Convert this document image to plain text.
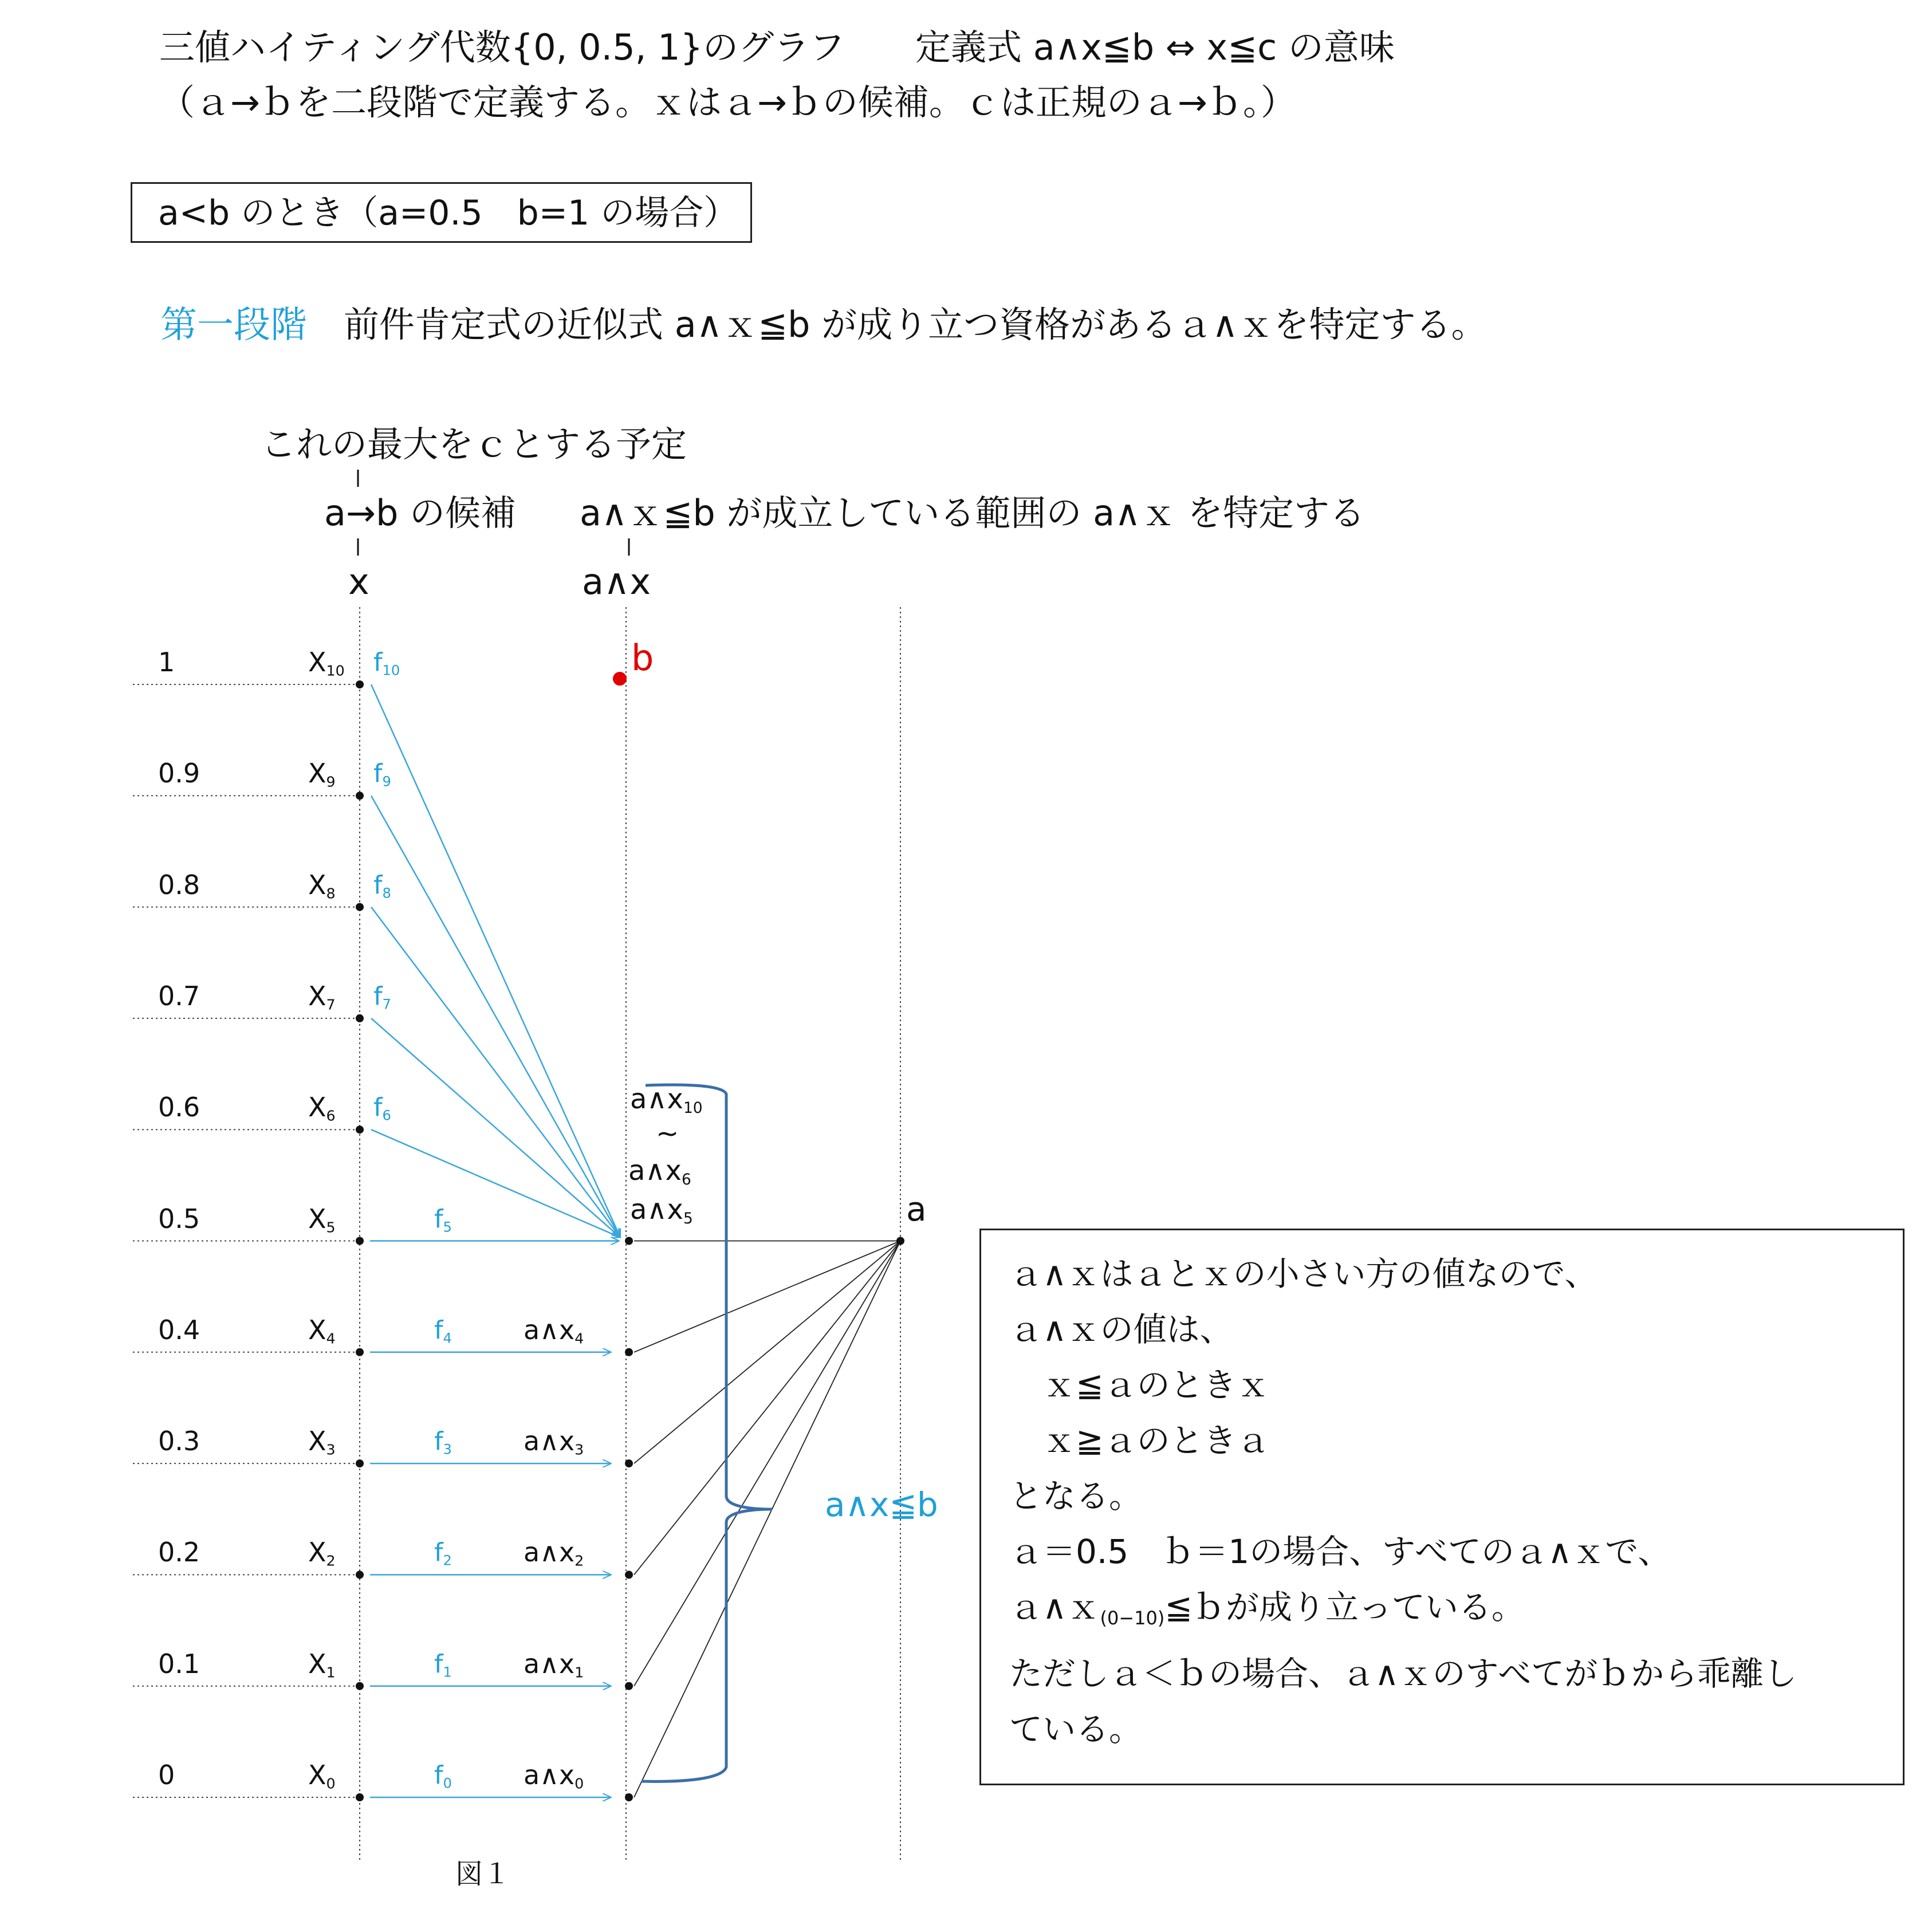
三値ハイティング代数{0, 0.5, 1}のグラフ 定義式 a∧x≦b ⇔ x≦c の意味
（ａ→ｂを二段階で定義する。ｘはａ→ｂの候補。ｃは正規のａ→ｂ。）
a<b のとき（a=0.5　b=1 の場合）
第一段階 前件肯定式の近似式 a∧ｘ≦b が成り立つ資格があるａ∧ｘを特定する。
これの最大をｃとする予定
a→b の候補 a∧ｘ≦b が成立している範囲の a∧ｘ を特定する
x	a∧x
b
a
$a\wedge x_{10}$
~
$a\wedge x_6$
$a\wedge x_5$
a∧x≦b
図１
1	$X_{10}$ $f_{10}$
0.9	$X_9$ $f_9$
0.8	$X_8$ $f_8$
0.7	$X_7$ $f_7$
0.6	$X_6$ $f_6$
0.5	$X_5$	$f_5$
0.4	$X_4$	$f_4$	$a\wedge x_4$
0.3	$X_3$	$f_3$	$a\wedge x_3$
0.2	$X_2$	$f_2$	$a\wedge x_2$
0.1	$X_1$	$f_1$	$a\wedge x_1$
0	$X_0$	$f_0$	$a\wedge x_0$
ａ∧ｘはａとｘの小さい方の値なので、
ａ∧ｘの値は、
　ｘ≦ａのときｘ
　ｘ≧ａのときａ
となる。
ａ＝0.5　ｂ＝1の場合、すべてのａ∧ｘで、
ａ∧ｘ$_{(0-10)}$≦ｂが成り立っている。
ただしａ＜ｂの場合、ａ∧ｘのすべてがｂから乖離し
ている。
